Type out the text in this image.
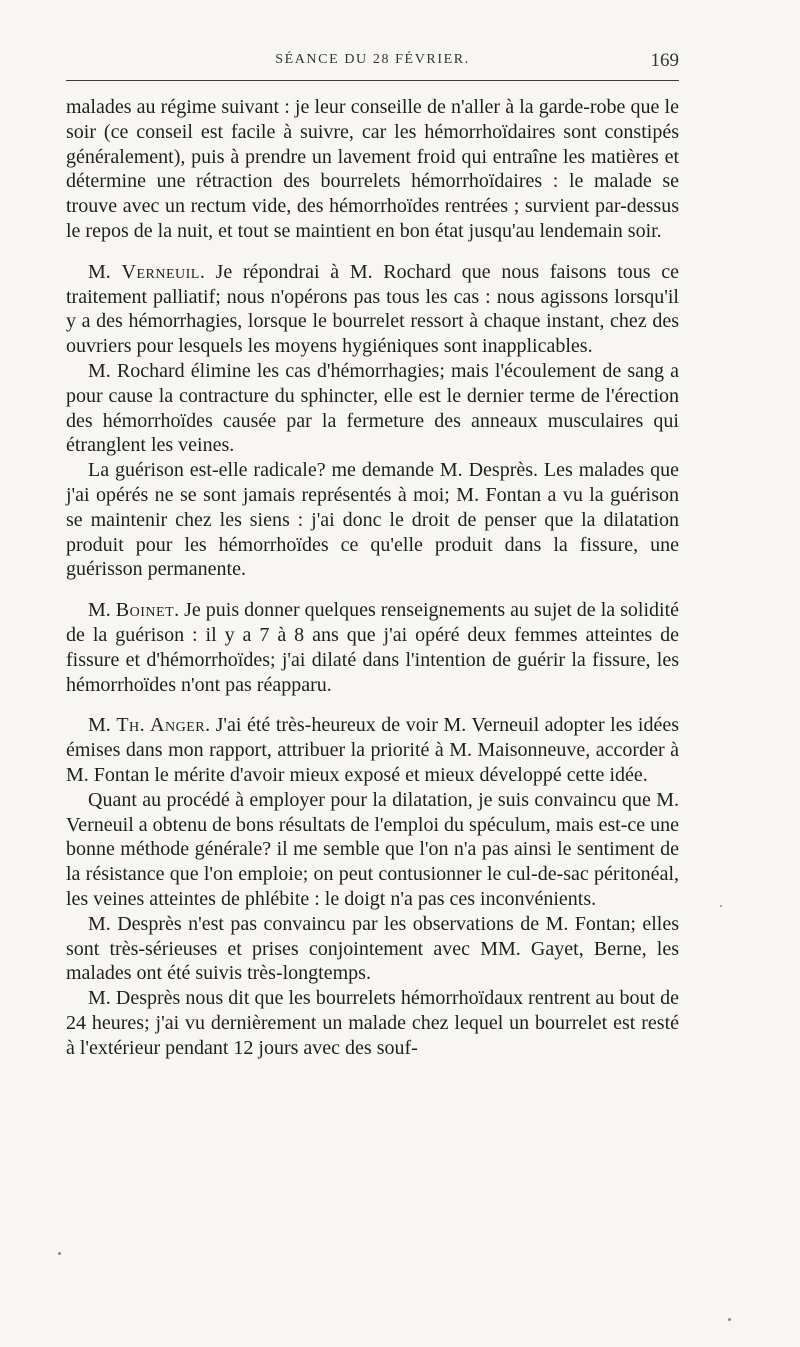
SÉANCE DU 28 FÉVRIER.	169

malades au régime suivant : je leur conseille de n'aller à la garde-robe que le soir (ce conseil est facile à suivre, car les hémorrhoïdaires sont constipés généralement), puis à prendre un lavement froid qui entraîne les matières et détermine une rétraction des bourrelets hémorrhoïdaires : le malade se trouve avec un rectum vide, des hémorrhoïdes rentrées ; survient par-dessus le repos de la nuit, et tout se maintient en bon état jusqu'au lendemain soir.

M. Verneuil. Je répondrai à M. Rochard que nous faisons tous ce traitement palliatif; nous n'opérons pas tous les cas : nous agissons lorsqu'il y a des hémorrhagies, lorsque le bourrelet ressort à chaque instant, chez des ouvriers pour lesquels les moyens hygiéniques sont inapplicables.

M. Rochard élimine les cas d'hémorrhagies; mais l'écoulement de sang a pour cause la contracture du sphincter, elle est le dernier terme de l'érection des hémorrhoïdes causée par la fermeture des anneaux musculaires qui étranglent les veines.

La guérison est-elle radicale? me demande M. Desprès. Les malades que j'ai opérés ne se sont jamais représentés à moi; M. Fontan a vu la guérison se maintenir chez les siens : j'ai donc le droit de penser que la dilatation produit pour les hémorrhoïdes ce qu'elle produit dans la fissure, une guérisson permanente.

M. Boinet. Je puis donner quelques renseignements au sujet de la solidité de la guérison : il y a 7 à 8 ans que j'ai opéré deux femmes atteintes de fissure et d'hémorrhoïdes; j'ai dilaté dans l'intention de guérir la fissure, les hémorrhoïdes n'ont pas réapparu.

M. Th. Anger. J'ai été très-heureux de voir M. Verneuil adopter les idées émises dans mon rapport, attribuer la priorité à M. Maisonneuve, accorder à M. Fontan le mérite d'avoir mieux exposé et mieux développé cette idée.

Quant au procédé à employer pour la dilatation, je suis convaincu que M. Verneuil a obtenu de bons résultats de l'emploi du spéculum, mais est-ce une bonne méthode générale? il me semble que l'on n'a pas ainsi le sentiment de la résistance que l'on emploie; on peut contusionner le cul-de-sac péritonéal, les veines atteintes de phlébite : le doigt n'a pas ces inconvénients.

M. Desprès n'est pas convaincu par les observations de M. Fontan; elles sont très-sérieuses et prises conjointement avec MM. Gayet, Berne, les malades ont été suivis très-longtemps.

M. Desprès nous dit que les bourrelets hémorrhoïdaux rentrent au bout de 24 heures; j'ai vu dernièrement un malade chez lequel un bourrelet est resté à l'extérieur pendant 12 jours avec des souf-
